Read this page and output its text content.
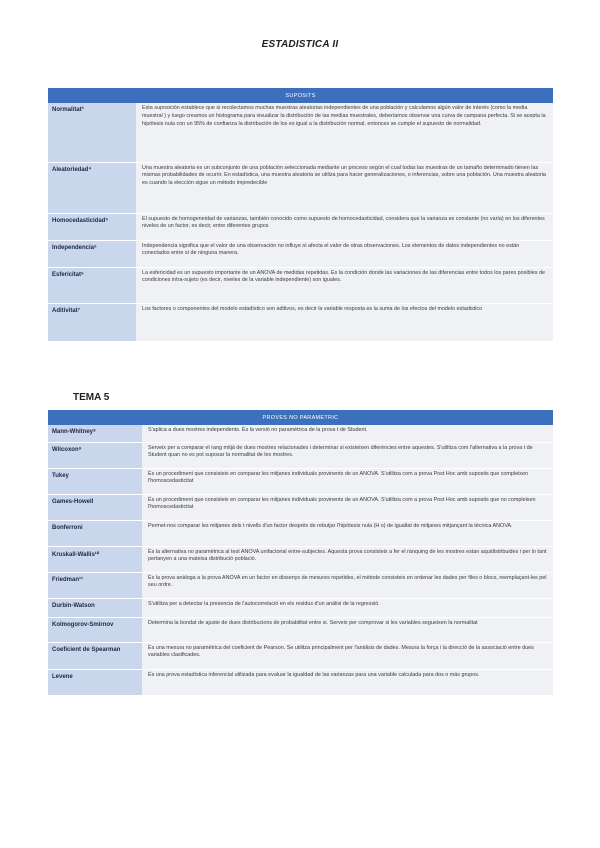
ESTADISTICA II
SUPOSITS	
Normalitat³	Esta suposición establece que si recolectamos muchas muestras aleatorias independientes de una población y calculamos algún valor de interés (como la media muestral ) y luego creamos un histograma para visualizar la distribución de las medias muestrales, deberíamos observar una curva de campana perfecta. Si se acepta la hipótesis nula con un 95% de confianza la distribución de los es igual a la distribución normal, entonces se cumple el supuesto de normalidad.
Aleatoriedad⁴	Una muestra aleatoria es un subconjunto de una población seleccionada mediante un proceso según el cual todas las muestras de un tamaño determinado tienen las mismas probabilidades de ocurrir. En estadística, una muestra aleatoria se utiliza para hacer generalizaciones, o inferencias, sobre una población. Una muestra aleatoria es cuando la elección sigue un método impredecible
Homocedasticidad⁵	El supuesto de homogeneidad de varianzas, también conocido como supuesto de homocedasticidad, considera que la varianza es constante (no varía) en los diferentes niveles de un factor, es decir, entre diferentes grupos
Independencia⁶	Independencia significa que el valor de una observación no influye ni afecta el valor de otras observaciones. Los elementos de datos independientes no están conectados entre sí de ninguna manera.
Esfericitat⁶	La esfericidad es un supuesto importante de un ANOVA de medidas repetidas. Es la condición donde las variaciones de las diferencias entre todos los pares posibles de condiciones intra-sujeto (es decir, niveles de la variable independiente) son iguales.
Aditivitat⁷	Los factores o componentes del modelo estadístico son aditivos, es decir la variable resposta es la suma de los efectos del modelo estadistico
TEMA 5
PROVES NO PARAMETRIC	
Mann-Whitney⁸	S'aplica a dues mostres independents. És la versió no paramètrica de la prova t de Student.
Wilcoxon⁹	Serveix per a comparar el rang mitjà de dues mostres relacionades i determinar si existeixen diferències entre aquestes. S'utilitza com l'alternativa a la prova t de Student quan no es pot suposar la normalitat de les mostres.
Tukey	És un procediment que consisteix en comparar les mitjanes individuals provinents de un ANOVA. S'utilitza com a prova Post Hoc amb suposits que compleixen l'homoscedasticitat
Games-Howell	És un procediment que consisteix en comparar les mitjanes individuals provinents de un ANOVA. S'utilitza com a prova Post Hoc amb suposits que no compleixen l'homoscedasticitat
Bonferroni	Permet-nos comparar les mitjanes dels t nivells d'un factor després de rebutjar l'hipòtesis nula (H o) de igualtat de mitjanes mitjançant la tècnica ANOVA.
Kruskall-Wallis¹⁰	És la alternativa no paramètrica al test ANOVA unifactorial entre-subjectes. Aquesta prova consisteix a fer el rànquing de les mostres estan aquidistribuides i per lo tant pertanyen a una mateixa distribució població.
Friedman¹¹	És la prova anàloga a la prova ANOVA en un factor en dissenys de mesures repetides, el mètode consisteix en ordenar les dades per files o blocs, reemplaçant-les pel seu ordre.
Durbin-Watson	S'utilitza per a detectar la presencia de l'autocorrelació en els residus d'un anàlisi de la regressió.
Kolmogorov-Smirnov	Determina la bondat de ajuste de dues distribucions de probabilitat entre si. Serveix per comprovar si les variables segueixen la normalitat
Coeficient de Spearman	És una mesura no paramètrica del coeficient de Pearson. Se utilitza principalment per l'anàlisis de dades. Mesura la força i la direcció de la associació entre dues variables clasificades.
Levene	És una prova estadística inferencial utilizada para evaluar la igualdad de las varianzas para una variable calculada para dos o más grupos.
